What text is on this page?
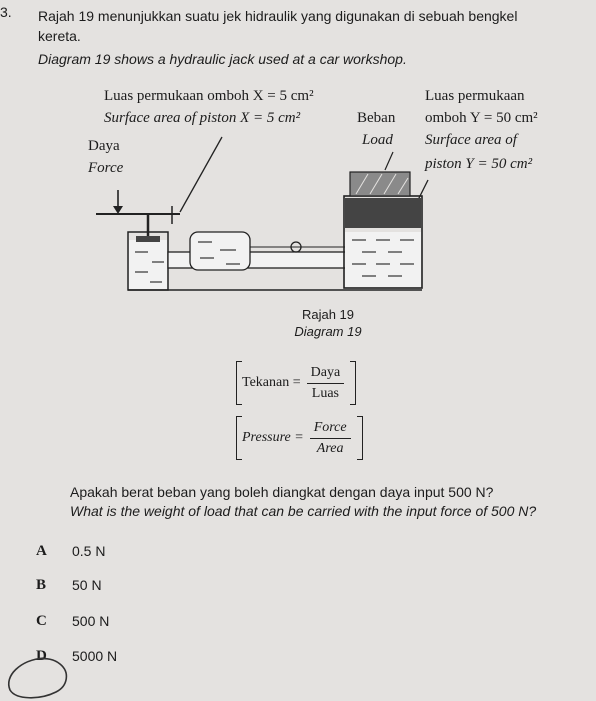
3. Rajah 19 menunjukkan suatu jek hidraulik yang digunakan di sebuah bengkel
kereta.
Diagram 19 shows a hydraulic jack used at a car workshop.
Luas permukaan omboh X = 5 cm²
Surface area of piston X = 5 cm²	Beban
Load
Daya
Force
Luas permukaan
omboh Y = 50 cm²
Surface area of
piston Y = 50 cm²
Rajah 19
Diagram 19
Tekanan = $\frac{\text{Daya}}{\text{Luas}}$
Pressure = $\frac{\text{Force}}{\text{Area}}$
Apakah berat beban yang boleh diangkat dengan daya input 500 N?
What is the weight of load that can be carried with the input force of 500 N?
A 0.5 N
B 50 N
C 500 N
D 5000 N
